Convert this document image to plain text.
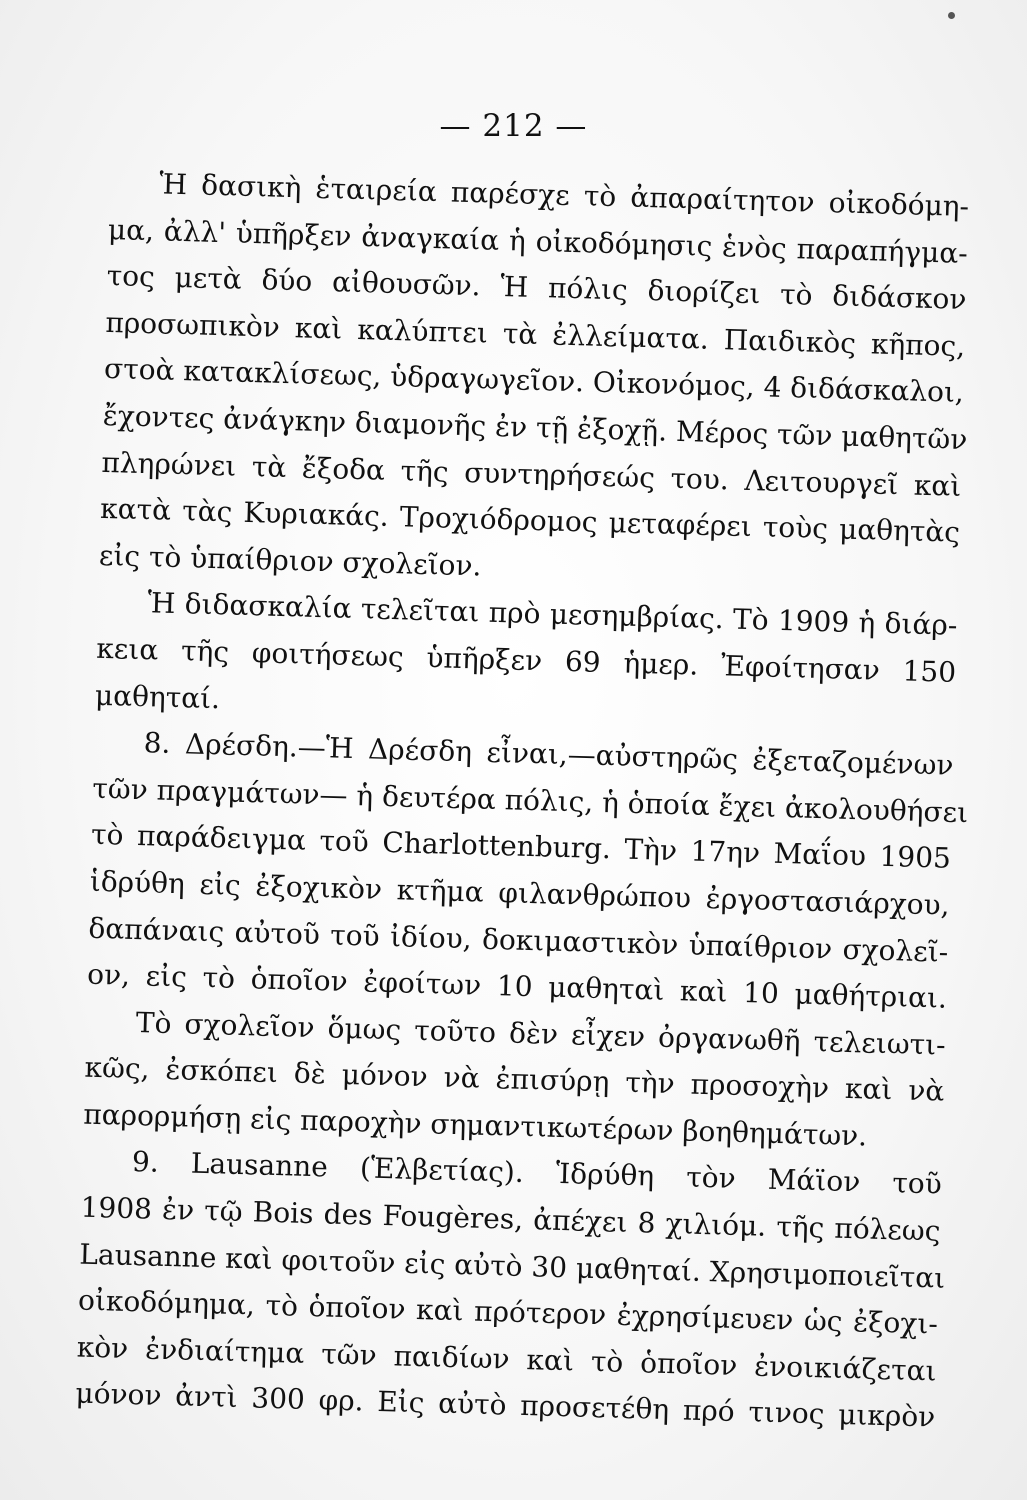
— 212 —
Ἡ δασικὴ ἑταιρεία παρέσχε τὸ ἀπαραίτητον οἰκοδόμη-
μα, ἀλλ' ὑπῆρξεν ἀναγκαία ἡ οἰκοδόμησις ἑνὸς παραπήγμα-
τος μετὰ δύο αἰθουσῶν. Ἡ πόλις διορίζει τὸ διδάσκον
προσωπικὸν καὶ καλύπτει τὰ ἐλλείματα. Παιδικὸς κῆπος,
στοὰ κατακλίσεως, ὑδραγωγεῖον. Οἰκονόμος, 4 διδάσκαλοι,
ἔχοντες ἀνάγκην διαμονῆς ἐν τῇ ἐξοχῇ. Μέρος τῶν μαθητῶν
πληρώνει τὰ ἔξοδα τῆς συντηρήσεώς του. Λειτουργεῖ καὶ
κατὰ τὰς Κυριακάς. Τροχιόδρομος μεταφέρει τοὺς μαθητὰς
εἰς τὸ ὑπαίθριον σχολεῖον.
Ἡ διδασκαλία τελεῖται πρὸ μεσημβρίας. Τὸ 1909 ἡ διάρ-
κεια τῆς φοιτήσεως ὑπῆρξεν 69 ἡμερ. Ἐφοίτησαν 150
μαθηταί.
8. Δρέσδη.—Ἡ Δρέσδη εἶναι,—αὐστηρῶς ἐξεταζομένων
τῶν πραγμάτων— ἡ δευτέρα πόλις, ἡ ὁποία ἔχει ἀκολουθήσει
τὸ παράδειγμα τοῦ Charlottenburg. Τὴν 17ην Μαΐου 1905
ἱδρύθη εἰς ἐξοχικὸν κτῆμα φιλανθρώπου ἐργοστασιάρχου,
δαπάναις αὐτοῦ τοῦ ἰδίου, δοκιμαστικὸν ὑπαίθριον σχολεῖ-
ον, εἰς τὸ ὁποῖον ἐφοίτων 10 μαθηταὶ καὶ 10 μαθήτριαι.
Τὸ σχολεῖον ὅμως τοῦτο δὲν εἶχεν ὀργανωθῆ τελειωτι-
κῶς, ἐσκόπει δὲ μόνον νὰ ἐπισύρῃ τὴν προσοχὴν καὶ νὰ
παρορμήσῃ εἰς παροχὴν σημαντικωτέρων βοηθημάτων.
9. Lausanne (Ἑλβετίας). Ἱδρύθη τὸν Μάϊον τοῦ
1908 ἐν τῷ Bois des Fougères, ἀπέχει 8 χιλιόμ. τῆς πόλεως
Lausanne καὶ φοιτοῦν εἰς αὐτὸ 30 μαθηταί. Χρησιμοποιεῖται
οἰκοδόμημα, τὸ ὁποῖον καὶ πρότερον ἐχρησίμευεν ὡς ἐξοχι-
κὸν ἐνδιαίτημα τῶν παιδίων καὶ τὸ ὁποῖον ἐνοικιάζεται
μόνον ἀντὶ 300 φρ. Εἰς αὐτὸ προσετέθη πρό τινος μικρὸν
